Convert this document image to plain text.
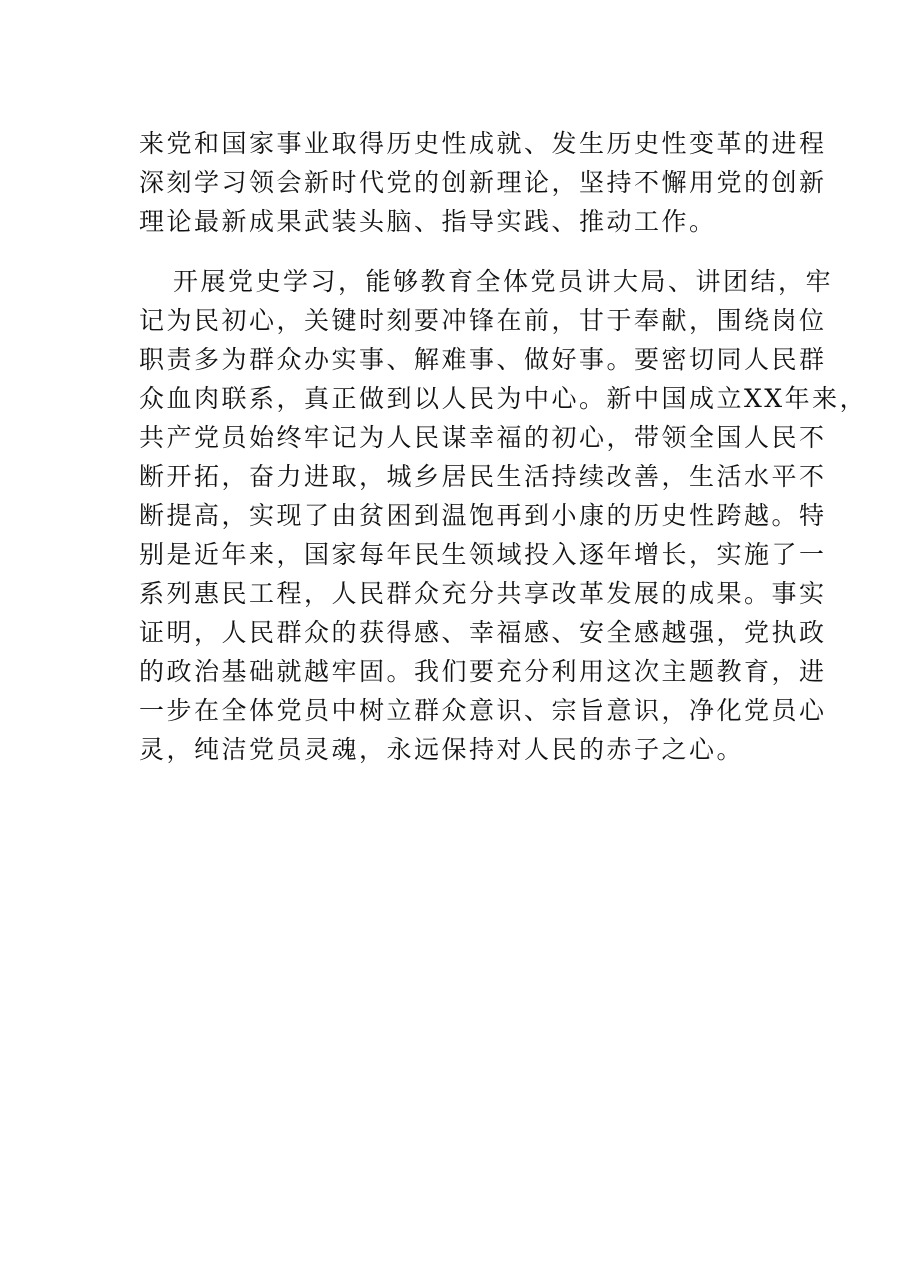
来党和国家事业取得历史性成就、发生历史性变革的进程
深刻学习领会新时代党的创新理论，坚持不懈用党的创新
理论最新成果武装头脑、指导实践、推动工作。
开展党史学习，能够教育全体党员讲大局、讲团结，牢
记为民初心，关键时刻要冲锋在前，甘于奉献，围绕岗位
职责多为群众办实事、解难事、做好事。要密切同人民群
众血肉联系，真正做到以人民为中心。新中国成立XX年来，
共产党员始终牢记为人民谋幸福的初心，带领全国人民不
断开拓，奋力进取，城乡居民生活持续改善，生活水平不
断提高，实现了由贫困到温饱再到小康的历史性跨越。特
别是近年来，国家每年民生领域投入逐年增长，实施了一
系列惠民工程，人民群众充分共享改革发展的成果。事实
证明，人民群众的获得感、幸福感、安全感越强，党执政
的政治基础就越牢固。我们要充分利用这次主题教育，进
一步在全体党员中树立群众意识、宗旨意识，净化党员心
灵，纯洁党员灵魂，永远保持对人民的赤子之心。
